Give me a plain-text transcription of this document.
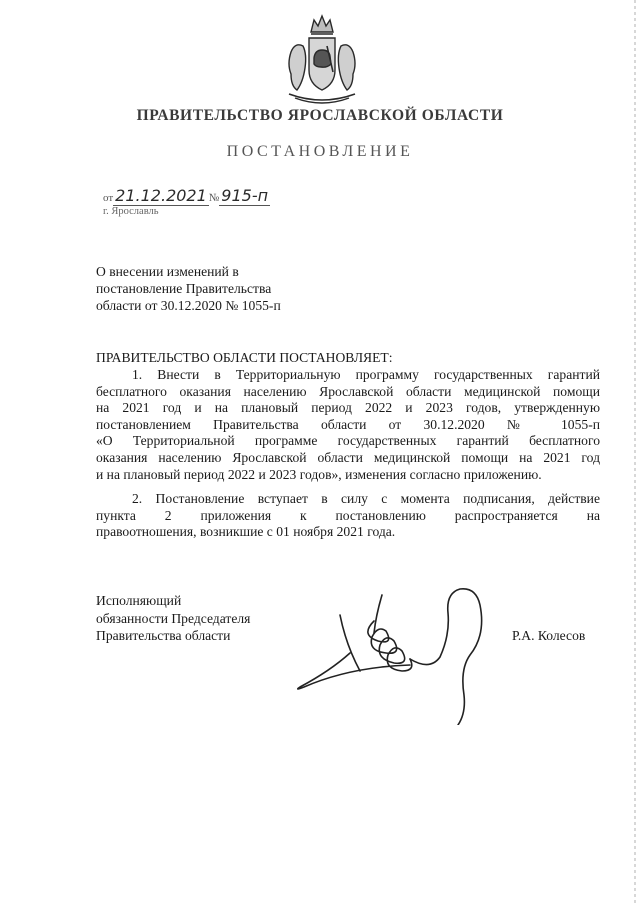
ПРАВИТЕЛЬСТВО ЯРОСЛАВСКОЙ ОБЛАСТИ
ПОСТАНОВЛЕНИЕ
от 21.12.2021 № 915-п
г. Ярославль
О внесении изменений в
постановление Правительства
области от 30.12.2020 № 1055-п
ПРАВИТЕЛЬСТВО ОБЛАСТИ ПОСТАНОВЛЯЕТ:
1. Внести в Территориальную программу государственных гарантий
бесплатного оказания населению Ярославской области медицинской помощи
на 2021 год и на плановый период 2022 и 2023 годов, утвержденную
постановлением Правительства области от 30.12.2020 № 1055-п
«О Территориальной программе государственных гарантий бесплатного
оказания населению Ярославской области медицинской помощи на 2021 год
и на плановый период 2022 и 2023 годов», изменения согласно приложению.
2. Постановление вступает в силу с момента подписания, действие
пункта 2 приложения к постановлению распространяется на
правоотношения, возникшие с 01 ноября 2021 года.
Исполняющий
обязанности Председателя
Правительства области	Р.А. Колесов
